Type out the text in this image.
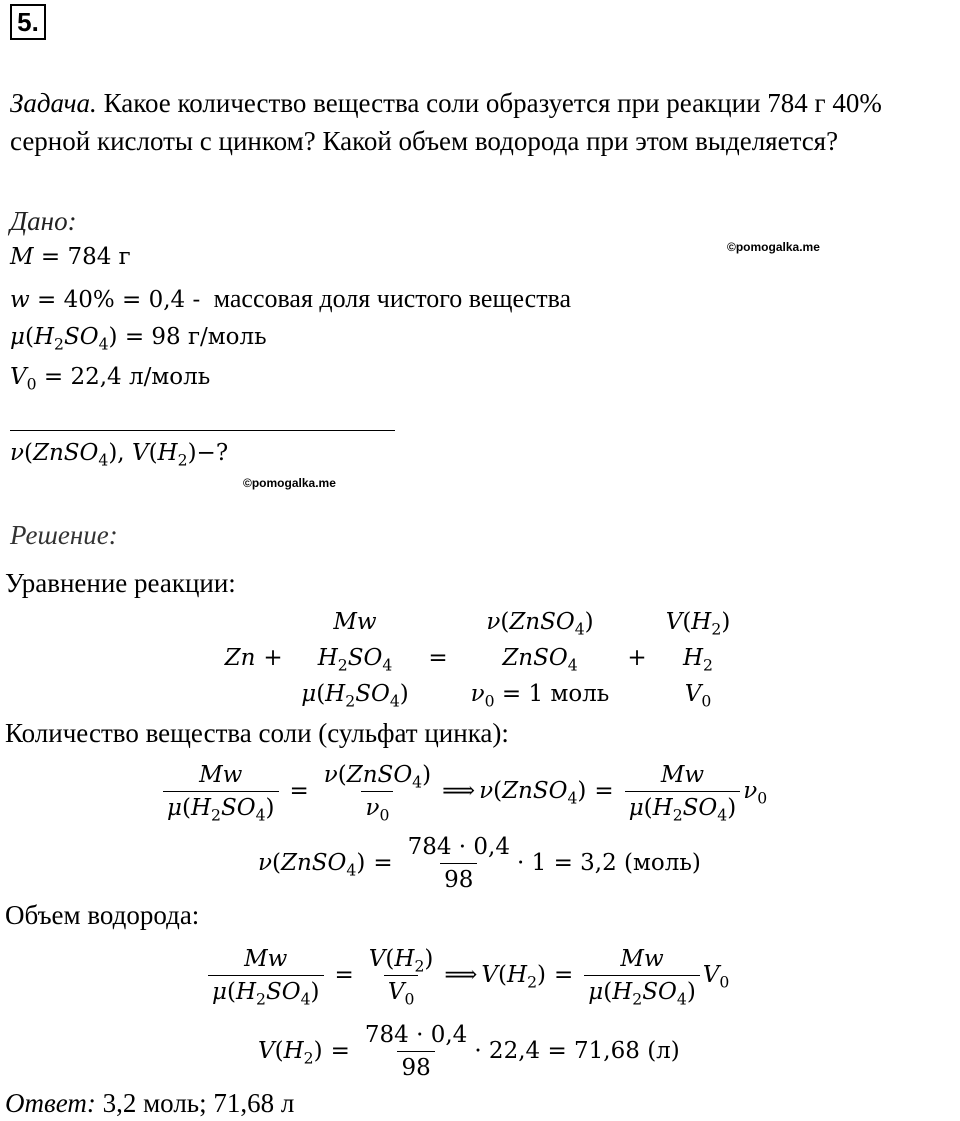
5.
Задача. Какое количество вещества соли образуется при реакции 784 г 40%
серной кислоты с цинком? Какой объем водорода при этом выделяется?
Дано:
M = 784 г	©pomogalka.me
w = 40% = 0,4 - массовая доля чистого вещества
$\mu(H_2SO_4) = 98$ г/моль
$V_0 = 22,4$ л/моль
ν(ZnSO$_4$), $V(H_2)-$?
©pomogalka.me
Решение:
Уравнение реакции:
Zn +
Mw
$H_2SO_4$
$\mu(H_2SO_4)$
=
ν(ZnSO$_4$)
ZnSO$_4$
$\nu_0 = 1$ моль
+
$V(H_2)$
$H_2$
$V_0$
Количество вещества соли (сульфат цинка):
$\frac{Mw}{\mu(H_2SO_4)} = \frac{\nu(ZnSO_4)}{\nu_0}$ ⟹ ν(ZnSO$_4$) = $\frac{Mw}{\mu(H_2SO_4)} \nu_0$
ν(ZnSO$_4$) = $\frac{784 \cdot 0,4}{98} \cdot 1 = 3,2$ (моль)
Объем водорода:
$\frac{Mw}{\mu(H_2SO_4)} = \frac{V(H_2)}{V_0}$ ⟹ $V(H_2) = \frac{Mw}{\mu(H_2SO_4)} V_0$
$V(H_2) = \frac{784 \cdot 0,4}{98} \cdot 22,4 = 71,68$ (л)
Ответ: 3,2 моль; 71,68 л
